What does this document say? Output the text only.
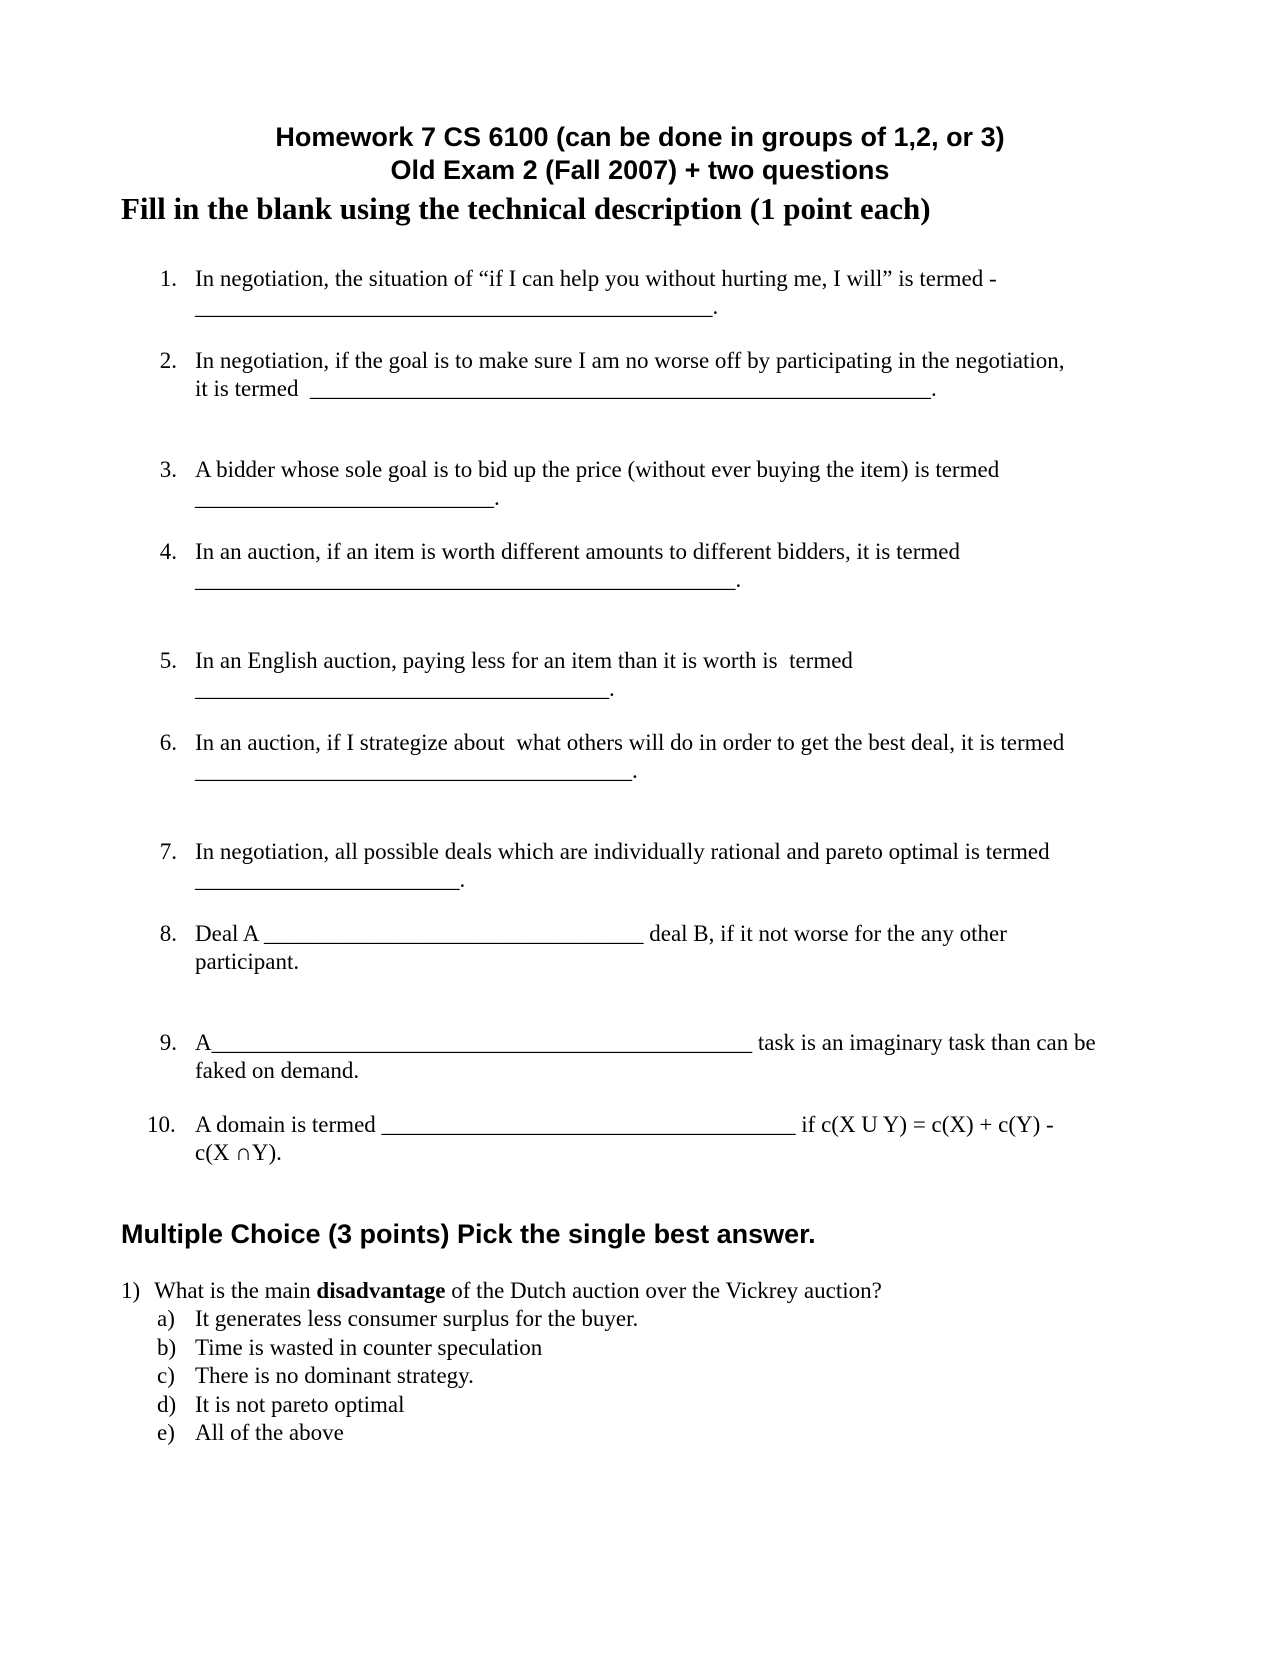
Homework 7 CS 6100 (can be done in groups of 1,2, or 3)
Old Exam 2 (Fall 2007) + two questions
Fill in the blank using the technical description (1 point each)
1. In negotiation, the situation of “if I can help you without hurting me, I will” is termed -
_____________________________________________.
2. In negotiation, if the goal is to make sure I am no worse off by participating in the negotiation,
it is termed  ______________________________________________________.
3. A bidder whose sole goal is to bid up the price (without ever buying the item) is termed
__________________________.
4. In an auction, if an item is worth different amounts to different bidders, it is termed
_______________________________________________.
5. In an English auction, paying less for an item than it is worth is  termed
____________________________________.
6. In an auction, if I strategize about  what others will do in order to get the best deal, it is termed
______________________________________.
7. In negotiation, all possible deals which are individually rational and pareto optimal is termed
_______________________.
8. Deal A _________________________________ deal B, if it not worse for the any other
participant.
9. A_______________________________________________ task is an imaginary task than can be
faked on demand.
10. A domain is termed ____________________________________ if c(X U Y) = c(X) + c(Y) -
c(X ∩Y).
Multiple Choice (3 points) Pick the single best answer.
1) What is the main disadvantage of the Dutch auction over the Vickrey auction?
a) It generates less consumer surplus for the buyer.
b) Time is wasted in counter speculation
c) There is no dominant strategy.
d) It is not pareto optimal
e) All of the above
